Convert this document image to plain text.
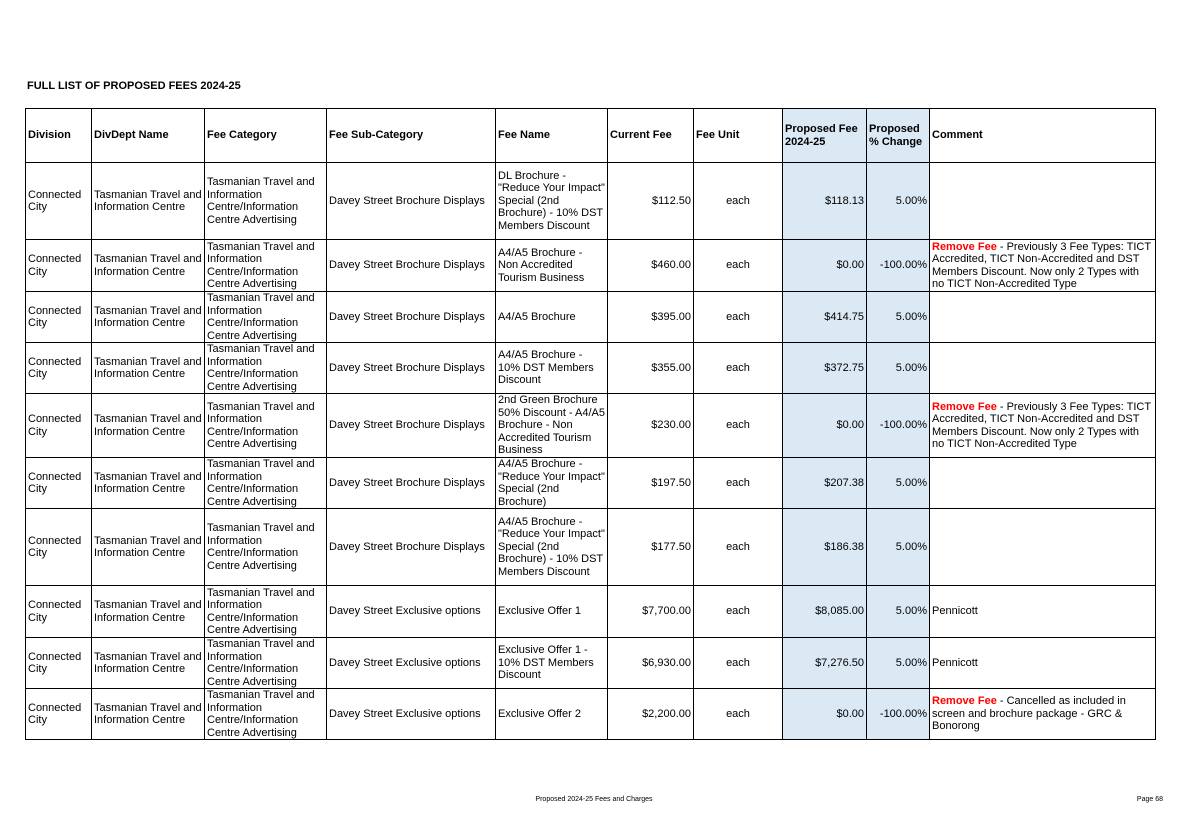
FULL LIST OF PROPOSED FEES 2024-25
Division	DivDept Name	Fee Category	Fee Sub-Category	Fee Name	Current Fee	Fee Unit	Proposed Fee 2024-25	Proposed % Change	Comment
Connected City	Tasmanian Travel and Information Centre	Tasmanian Travel and Information Centre/Information Centre Advertising	Davey Street Brochure Displays	DL Brochure - "Reduce Your Impact" Special (2nd Brochure) - 10% DST Members Discount	$112.50	each	$118.13	5.00%	
Connected City	Tasmanian Travel and Information Centre	Tasmanian Travel and Information Centre/Information Centre Advertising	Davey Street Brochure Displays	A4/A5 Brochure - Non Accredited Tourism Business	$460.00	each	$0.00	-100.00%	Remove Fee - Previously 3 Fee Types: TICT Accredited, TICT Non-Accredited and DST Members Discount. Now only 2 Types with no TICT Non-Accredited Type
Connected City	Tasmanian Travel and Information Centre	Tasmanian Travel and Information Centre/Information Centre Advertising	Davey Street Brochure Displays	A4/A5 Brochure	$395.00	each	$414.75	5.00%	
Connected City	Tasmanian Travel and Information Centre	Tasmanian Travel and Information Centre/Information Centre Advertising	Davey Street Brochure Displays	A4/A5 Brochure - 10% DST Members Discount	$355.00	each	$372.75	5.00%	
Connected City	Tasmanian Travel and Information Centre	Tasmanian Travel and Information Centre/Information Centre Advertising	Davey Street Brochure Displays	2nd Green Brochure 50% Discount - A4/A5 Brochure - Non Accredited Tourism Business	$230.00	each	$0.00	-100.00%	Remove Fee - Previously 3 Fee Types: TICT Accredited, TICT Non-Accredited and DST Members Discount. Now only 2 Types with no TICT Non-Accredited Type
Connected City	Tasmanian Travel and Information Centre	Tasmanian Travel and Information Centre/Information Centre Advertising	Davey Street Brochure Displays	A4/A5 Brochure - "Reduce Your Impact" Special (2nd Brochure)	$197.50	each	$207.38	5.00%	
Connected City	Tasmanian Travel and Information Centre	Tasmanian Travel and Information Centre/Information Centre Advertising	Davey Street Brochure Displays	A4/A5 Brochure - "Reduce Your Impact" Special (2nd Brochure) - 10% DST Members Discount	$177.50	each	$186.38	5.00%	
Connected City	Tasmanian Travel and Information Centre	Tasmanian Travel and Information Centre/Information Centre Advertising	Davey Street Exclusive options	Exclusive Offer 1	$7,700.00	each	$8,085.00	5.00%	Pennicott
Connected City	Tasmanian Travel and Information Centre	Tasmanian Travel and Information Centre/Information Centre Advertising	Davey Street Exclusive options	Exclusive Offer 1 - 10% DST Members Discount	$6,930.00	each	$7,276.50	5.00%	Pennicott
Connected City	Tasmanian Travel and Information Centre	Tasmanian Travel and Information Centre/Information Centre Advertising	Davey Street Exclusive options	Exclusive Offer 2	$2,200.00	each	$0.00	-100.00%	Remove Fee - Cancelled as included in screen and brochure package - GRC & Bonorong
Proposed 2024-25 Fees and Charges	Page 68
